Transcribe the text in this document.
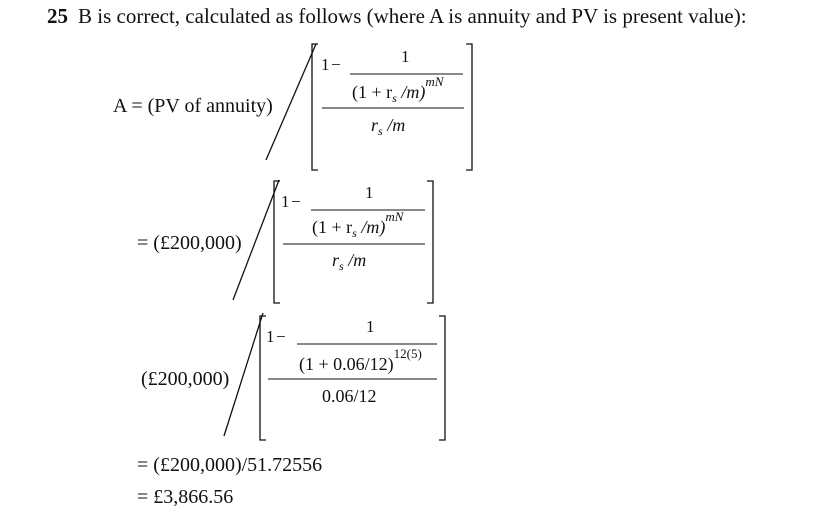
25 B is correct, calculated as follows (where A is annuity and PV is present value):
A = (PV of annuity)
1 −	1
($1 + r_s$ /m)$^{mN}$
$r_s$ /m
= (£200,000)
1 −	1
($1 + r_s$ /m)$^{mN}$
$r_s$ /m
(£200,000)
1 −
1
$(1 + 0.06/12)^{12(5)}$
0.06/12
= (£200,000)/51.72556
= £3,866.56
